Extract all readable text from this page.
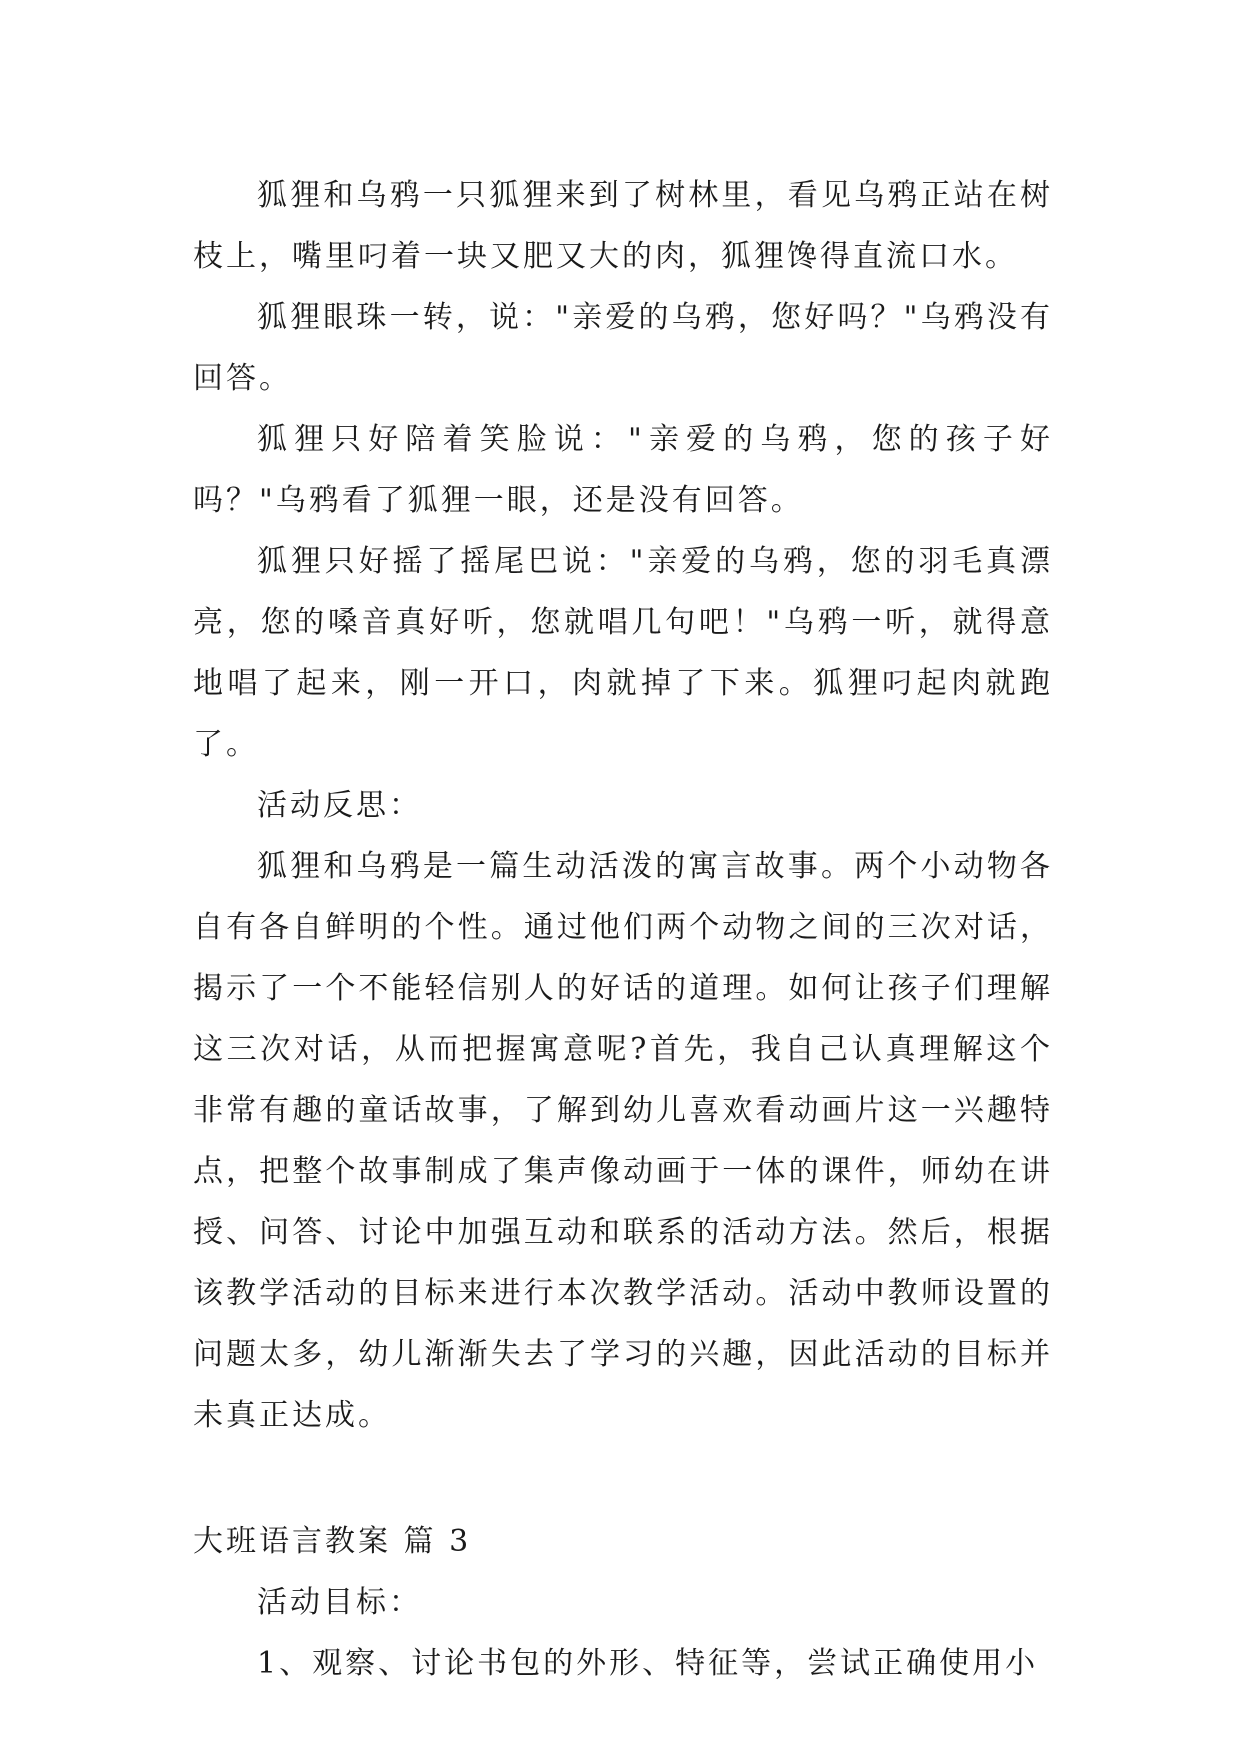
狐狸和乌鸦一只狐狸来到了树林里，看见乌鸦正站在树枝上，嘴里叼着一块又肥又大的肉，狐狸馋得直流口水。

狐狸眼珠一转，说："亲爱的乌鸦，您好吗？"乌鸦没有回答。

狐狸只好陪着笑脸说："亲爱的乌鸦，您的孩子好吗？"乌鸦看了狐狸一眼，还是没有回答。

狐狸只好摇了摇尾巴说："亲爱的乌鸦，您的羽毛真漂亮，您的嗓音真好听，您就唱几句吧！"乌鸦一听，就得意地唱了起来，刚一开口，肉就掉了下来。狐狸叼起肉就跑了。

活动反思：

狐狸和乌鸦是一篇生动活泼的寓言故事。两个小动物各自有各自鲜明的个性。通过他们两个动物之间的三次对话，揭示了一个不能轻信别人的好话的道理。如何让孩子们理解这三次对话，从而把握寓意呢?首先，我自己认真理解这个非常有趣的童话故事，了解到幼儿喜欢看动画片这一兴趣特点，把整个故事制成了集声像动画于一体的课件，师幼在讲授、问答、讨论中加强互动和联系的活动方法。然后，根据该教学活动的目标来进行本次教学活动。活动中教师设置的问题太多，幼儿渐渐失去了学习的兴趣，因此活动的目标并未真正达成。

大班语言教案 篇 3

活动目标：

1、观察、讨论书包的外形、特征等，尝试正确使用小
